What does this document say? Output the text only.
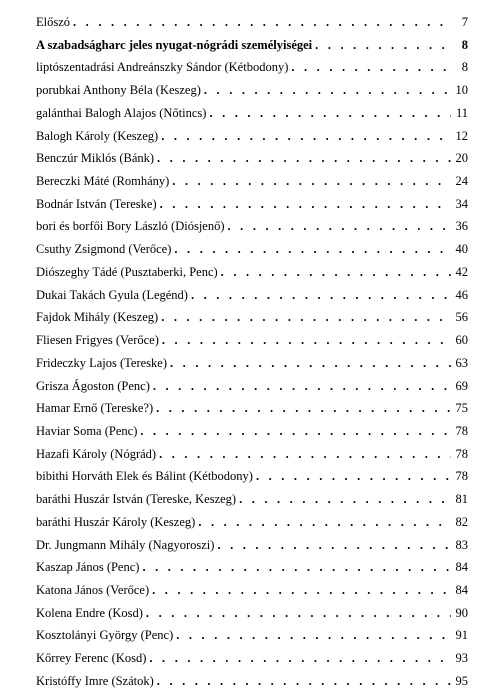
Előszó . . .	7
A szabadságharc jeles nyugat-nógrádi személyiségei . . .	8
liptószentadrási Andreánszky Sándor (Kétbodony) . . .	8
porubkai Anthony Béla (Keszeg) . . .	10
galánthai Balogh Alajos (Nőtincs) . . .	11
Balogh Károly (Keszeg) . . .	12
Benczúr Miklós (Bánk) . . .	20
Bereczki Máté (Romhány) . . .	24
Bodnár István (Tereske) . . .	34
bori és borfői Bory László (Diósjenő) . . .	36
Csuthy Zsigmond (Verőce) . . .	40
Diószeghy Tádé (Pusztaberki, Penc) . . .	42
Dukai Takách Gyula (Legénd) . . .	46
Fajdok Mihály (Keszeg) . . .	56
Fliesen Frigyes (Verőce) . . .	60
Frideczky Lajos (Tereske) . . .	63
Grisza Ágoston (Penc) . . .	69
Hamar Ernő (Tereske?) . . .	75
Haviar Soma (Penc) . . .	78
Hazafi Károly (Nógrád) . . .	78
bibithi Horváth Elek és Bálint (Kétbodony) . . .	78
baráthi Huszár István (Tereske, Keszeg) . . .	81
baráthi Huszár Károly (Keszeg) . . .	82
Dr. Jungmann Mihály (Nagyoroszi) . . .	83
Kaszap János (Penc) . . .	84
Katona János (Verőce) . . .	84
Kolena Endre (Kosd) . . .	90
Kosztolányi György (Penc) . . .	91
Kőrrey Ferenc (Kosd) . . .	93
Kristóffy Imre (Szátok) . . .	95
